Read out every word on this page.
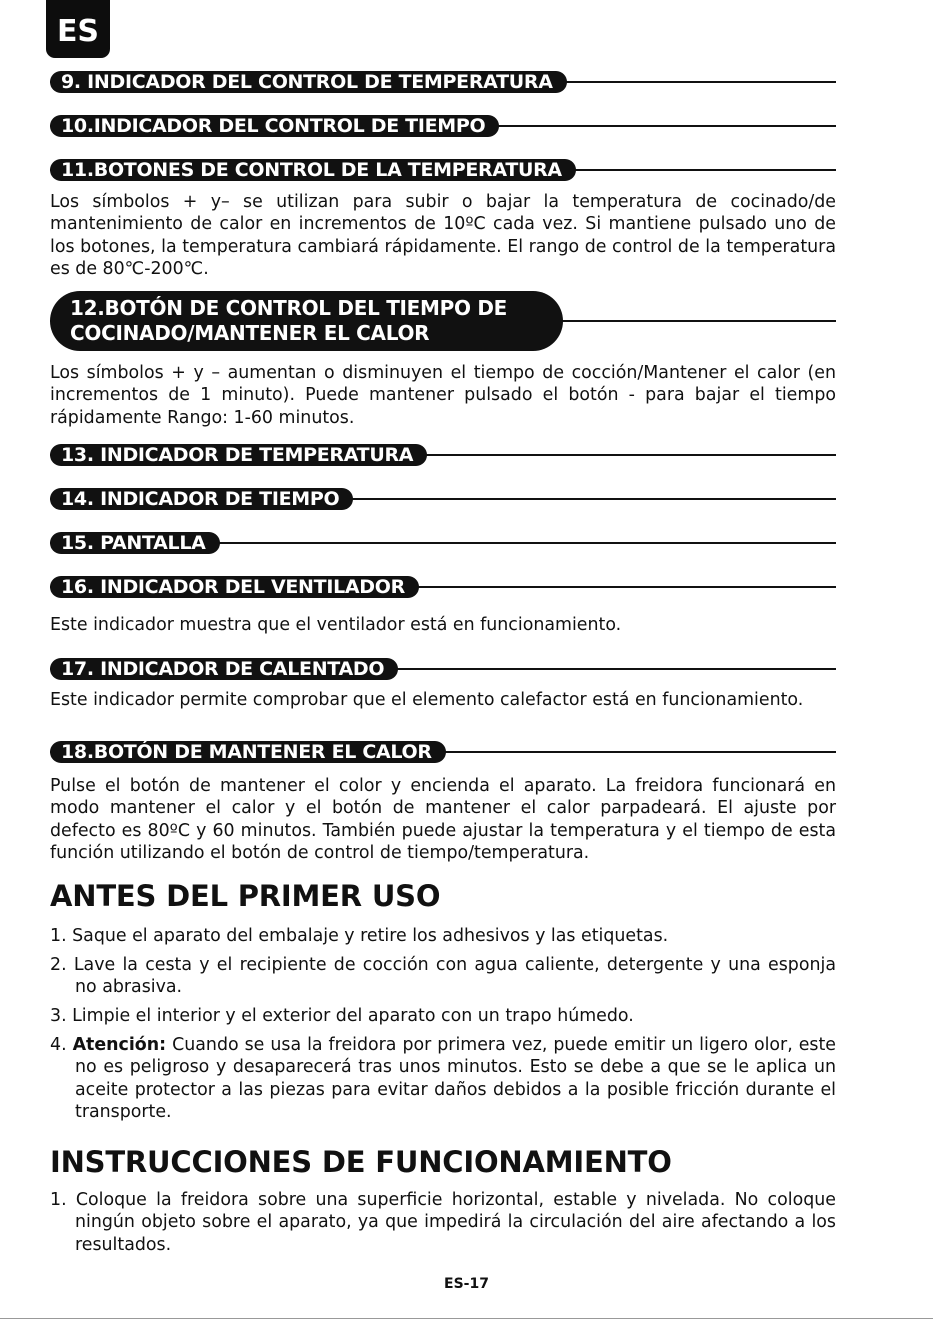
ES
9. INDICADOR DEL CONTROL DE TEMPERATURA
10.INDICADOR DEL CONTROL DE TIEMPO
11.BOTONES DE CONTROL DE LA TEMPERATURA
Los símbolos + y– se utilizan para subir o bajar la temperatura de cocinado/de mantenimiento de calor en incrementos de 10ºC cada vez. Si mantiene pulsado uno de los botones, la temperatura cambiará rápidamente. El rango de control de la temperatura es de 80℃-200℃.
12.BOTÓN DE CONTROL DEL TIEMPO DE
COCINADO/MANTENER EL CALOR
Los símbolos + y – aumentan o disminuyen el tiempo de cocción/Mantener el calor (en incrementos de 1 minuto). Puede mantener pulsado el botón - para bajar el tiempo rápidamente Rango: 1-60 minutos.
13. INDICADOR DE TEMPERATURA
14. INDICADOR DE TIEMPO
15. PANTALLA
16. INDICADOR DEL VENTILADOR
Este indicador muestra que el ventilador está en funcionamiento.
17. INDICADOR DE CALENTADO
Este indicador permite comprobar que el elemento calefactor está en funcionamiento.
18.BOTÓN DE MANTENER EL CALOR
Pulse el botón de mantener el color y encienda el aparato. La freidora funcionará en modo mantener el calor y el botón de mantener el calor parpadeará. El ajuste por defecto es 80ºC y 60 minutos. También puede ajustar la temperatura y el tiempo de esta función utilizando el botón de control de tiempo/temperatura.
ANTES DEL PRIMER USO
1. Saque el aparato del embalaje y retire los adhesivos y las etiquetas.
2. Lave la cesta y el recipiente de cocción con agua caliente, detergente y una esponja no abrasiva.
3. Limpie el interior y el exterior del aparato con un trapo húmedo.
4. Atención: Cuando se usa la freidora por primera vez, puede emitir un ligero olor, este no es peligroso y desaparecerá tras unos minutos. Esto se debe a que se le aplica un aceite protector a las piezas para evitar daños debidos a la posible fricción durante el transporte.
INSTRUCCIONES DE FUNCIONAMIENTO
1. Coloque la freidora sobre una superficie horizontal, estable y nivelada. No coloque ningún objeto sobre el aparato, ya que impedirá la circulación del aire afectando a los resultados.
ES-17
